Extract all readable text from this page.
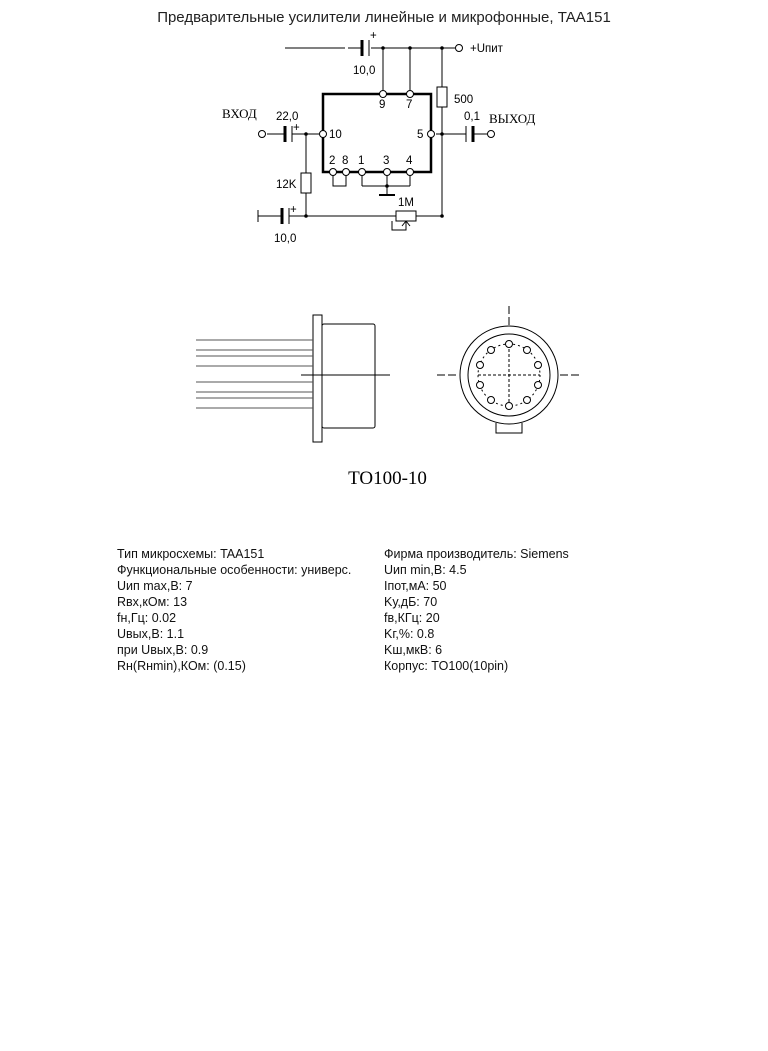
Предварительные усилители линейные и микрофонные, TAA151
+Uпит
10,0
+
500
ВХОД	ВЫХОД
22,0
+
0,1
12K
1M
10,0
+
9 7
10	5
2 8 1 3 4
TO100-10
Тип микросхемы: TAA151
Функциональные особенности: универс.
Uип max,В: 7
Rвх,кОм: 13
fн,Гц: 0.02
Uвых,В: 1.1
при Uвых,В: 0.9
Rн(Rнmin),КОм: (0.15)
Фирма производитель: Siemens
Uип min,В: 4.5
Iпот,мА: 50
Kу,дБ: 70
fв,КГц: 20
Kг,%: 0.8
Kш,мкВ: 6
Корпус: TO100(10pin)
